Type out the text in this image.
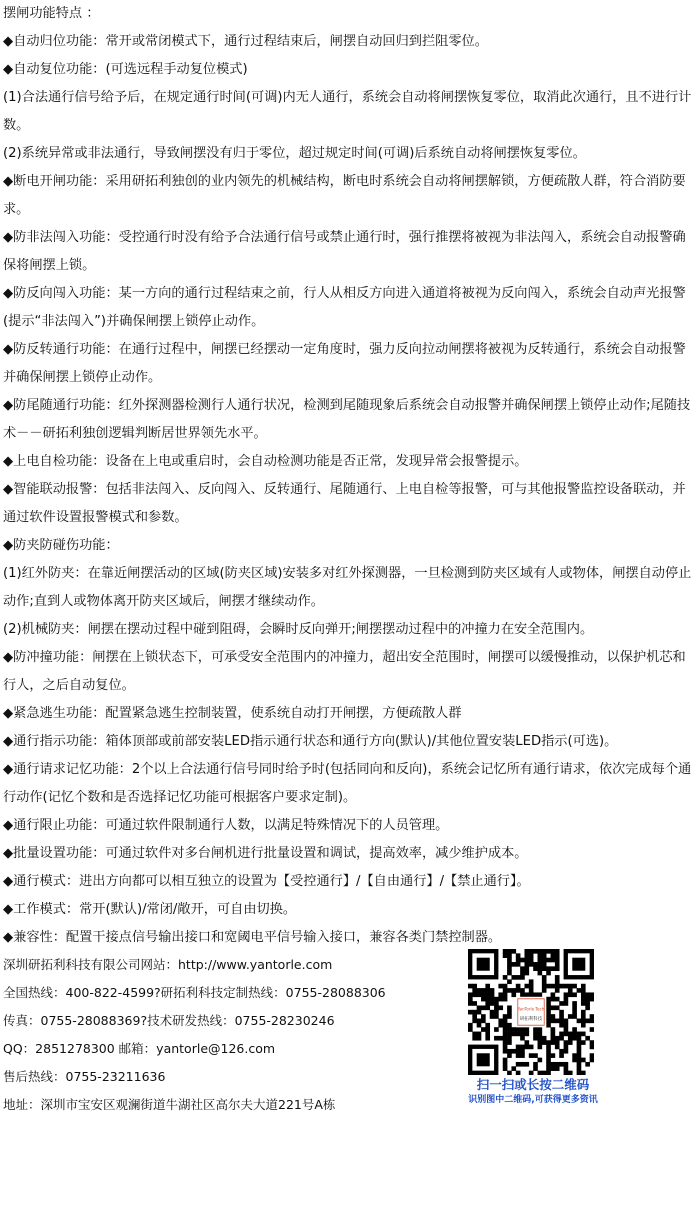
摆闸功能特点 ：

◆自动归位功能：常开或常闭模式下，通行过程结束后，闸摆自动回归到拦阻零位。

◆自动复位功能：(可选远程手动复位模式)

(1)合法通行信号给予后，在规定通行时间(可调)内无人通行，系统会自动将闸摆恢复零位，取消此次通行，且不进行计数。

(2)系统异常或非法通行，导致闸摆没有归于零位，超过规定时间(可调)后系统自动将闸摆恢复零位。

◆断电开闸功能：采用研拓利独创的业内领先的机械结构，断电时系统会自动将闸摆解锁，方便疏散人群，符合消防要求。

◆防非法闯入功能：受控通行时没有给予合法通行信号或禁止通行时，强行推摆将被视为非法闯入，系统会自动报警确保将闸摆上锁。

◆防反向闯入功能：某一方向的通行过程结束之前，行人从相反方向进入通道将被视为反向闯入，系统会自动声光报警(提示“非法闯入”)并确保闸摆上锁停止动作。

◆防反转通行功能：在通行过程中，闸摆已经摆动一定角度时，强力反向拉动闸摆将被视为反转通行，系统会自动报警并确保闸摆上锁停止动作。

◆防尾随通行功能：红外探测器检测行人通行状况，检测到尾随现象后系统会自动报警并确保闸摆上锁停止动作;尾随技术－－研拓利独创逻辑判断居世界领先水平。

◆上电自检功能：设备在上电或重启时，会自动检测功能是否正常，发现异常会报警提示。

◆智能联动报警：包括非法闯入、反向闯入、反转通行、尾随通行、上电自检等报警，可与其他报警监控设备联动，并通过软件设置报警模式和参数。

◆防夹防碰伤功能：

(1)红外防夹：在靠近闸摆活动的区域(防夹区域)安装多对红外探测器，一旦检测到防夹区域有人或物体，闸摆自动停止动作;直到人或物体离开防夹区域后，闸摆才继续动作。

(2)机械防夹：闸摆在摆动过程中碰到阻碍，会瞬时反向弹开;闸摆摆动过程中的冲撞力在安全范围内。

◆防冲撞功能：闸摆在上锁状态下，可承受安全范围内的冲撞力，超出安全范围时，闸摆可以缓慢推动，以保护机芯和行人，之后自动复位。

◆紧急逃生功能：配置紧急逃生控制装置，使系统自动打开闸摆，方便疏散人群

◆通行指示功能：箱体顶部或前部安装LED指示通行状态和通行方向(默认)/其他位置安装LED指示(可选)。

◆通行请求记忆功能：2个以上合法通行信号同时给予时(包括同向和反向)，系统会记忆所有通行请求，依次完成每个通行动作(记忆个数和是否选择记忆功能可根据客户要求定制)。

◆通行限止功能：可通过软件限制通行人数，以满足特殊情况下的人员管理。

◆批量设置功能：可通过软件对多台闸机进行批量设置和调试，提高效率，减少维护成本。

◆通行模式：进出方向都可以相互独立的设置为【受控通行】/【自由通行】/【禁止通行】。

◆工作模式：常开(默认)/常闭/敞开，可自由切换。

◆兼容性：配置干接点信号输出接口和宽阈电平信号输入接口，兼容各类门禁控制器。

深圳研拓利科技有限公司网站：http://www.yantorle.com

全国热线：400-822-4599?研拓利科技定制热线：0755-28088306

传真：0755-28088369?技术研发热线：0755-28230246

QQ：2851278300 邮箱：yantorle@126.com

售后热线：0755-23211636

地址：深圳市宝安区观澜街道牛湖社区高尔夫大道221号A栋

YanTorle Tech
研拓利科技
扫一扫或长按二维码
识别图中二维码,可获得更多资讯
